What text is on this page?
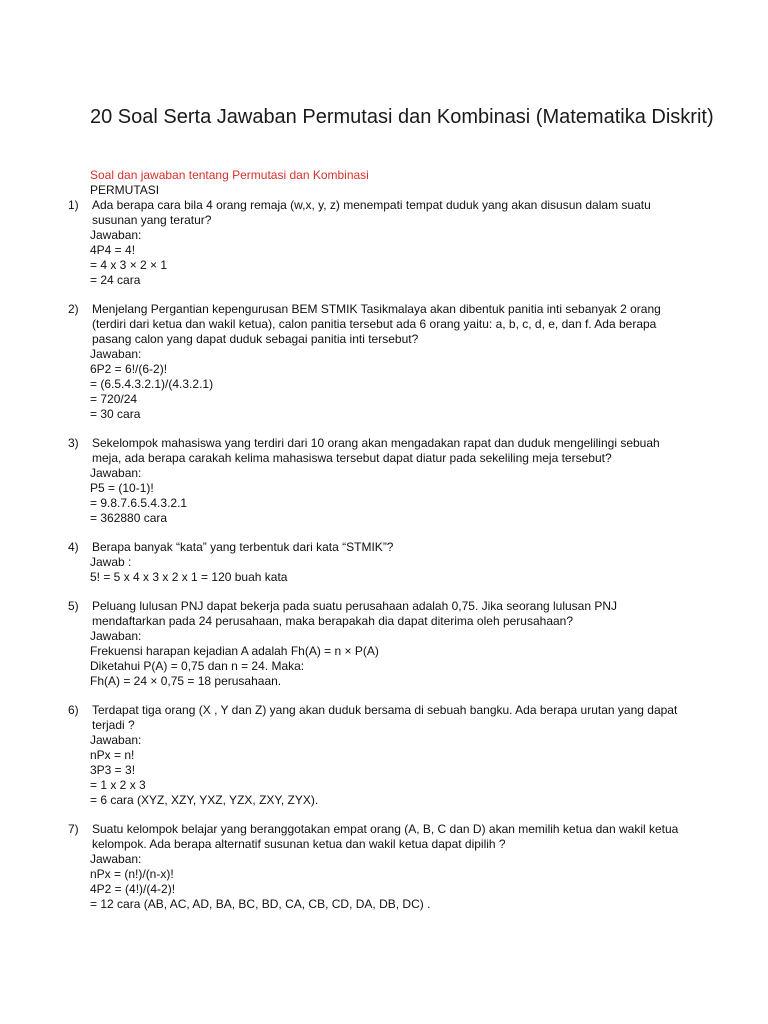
20 Soal Serta Jawaban Permutasi dan Kombinasi (Matematika Diskrit)
Soal dan jawaban tentang Permutasi dan Kombinasi
PERMUTASI
1)	Ada berapa cara bila 4 orang remaja (w,x, y, z) menempati tempat duduk yang akan disusun dalam suatu susunan yang teratur?
Jawaban:
4P4 = 4!
= 4 x 3 × 2 × 1
= 24 cara
2)	Menjelang Pergantian kepengurusan BEM STMIK Tasikmalaya akan dibentuk panitia inti sebanyak 2 orang (terdiri dari ketua dan wakil ketua), calon panitia tersebut ada 6 orang yaitu: a, b, c, d, e, dan f. Ada berapa pasang calon yang dapat duduk sebagai panitia inti tersebut?
Jawaban:
6P2 = 6!/(6-2)!
= (6.5.4.3.2.1)/(4.3.2.1)
= 720/24
= 30 cara
3)	Sekelompok mahasiswa yang terdiri dari 10 orang akan mengadakan rapat dan duduk mengelilingi sebuah meja, ada berapa carakah kelima mahasiswa tersebut dapat diatur pada sekeliling meja tersebut?
Jawaban:
P5 = (10-1)!
= 9.8.7.6.5.4.3.2.1
= 362880 cara
4)	Berapa banyak “kata” yang terbentuk dari kata “STMIK”?
Jawab :
5! = 5 x 4 x 3 x 2 x 1 = 120 buah kata
5)	Peluang lulusan PNJ dapat bekerja pada suatu perusahaan adalah 0,75. Jika seorang lulusan PNJ mendaftarkan pada 24 perusahaan, maka berapakah dia dapat diterima oleh perusahaan?
Jawaban:
Frekuensi harapan kejadian A adalah Fh(A) = n × P(A)
Diketahui P(A) = 0,75 dan n = 24. Maka:
Fh(A) = 24 × 0,75 = 18 perusahaan.
6)	Terdapat tiga orang (X , Y dan Z) yang akan duduk bersama di sebuah bangku. Ada berapa urutan yang dapat terjadi ?
Jawaban:
nPx = n!
3P3 = 3!
= 1 x 2 x 3
= 6 cara (XYZ, XZY, YXZ, YZX, ZXY, ZYX).
7)	Suatu kelompok belajar yang beranggotakan empat orang (A, B, C dan D) akan memilih ketua dan wakil ketua kelompok. Ada berapa alternatif susunan ketua dan wakil ketua dapat dipilih ?
Jawaban:
nPx = (n!)/(n-x)!
4P2 = (4!)/(4-2)!
= 12 cara (AB, AC, AD, BA, BC, BD, CA, CB, CD, DA, DB, DC) .
